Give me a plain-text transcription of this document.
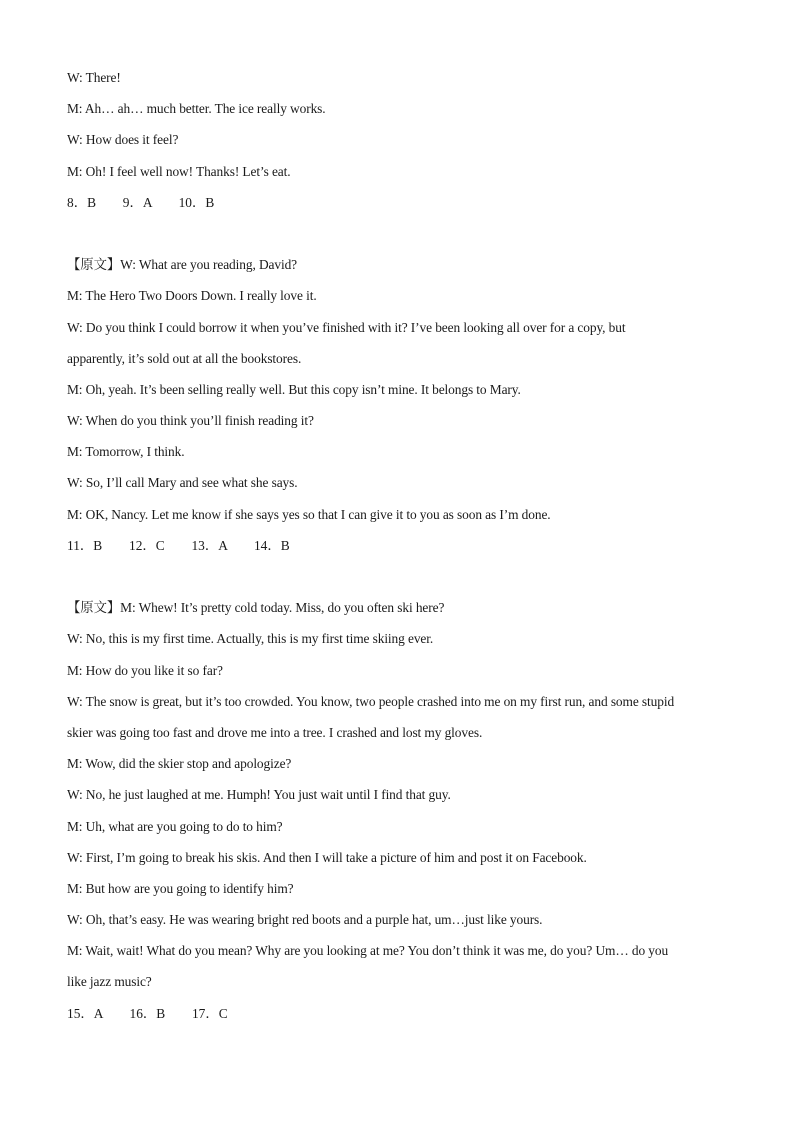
W: There!
M: Ah… ah… much better. The ice really works.
W: How does it feel?
M: Oh! I feel well now! Thanks! Let’s eat.
8．B        9．A        10．B
【原文】W: What are you reading, David?
M: The Hero Two Doors Down. I really love it.
W: Do you think I could borrow it when you’ve finished with it? I’ve been looking all over for a copy, but
apparently, it’s sold out at all the bookstores.
M: Oh, yeah. It’s been selling really well. But this copy isn’t mine. It belongs to Mary.
W: When do you think you’ll finish reading it?
M: Tomorrow, I think.
W: So, I’ll call Mary and see what she says.
M: OK, Nancy. Let me know if she says yes so that I can give it to you as soon as I’m done.
11．B        12．C        13．A        14．B
【原文】M: Whew! It’s pretty cold today. Miss, do you often ski here?
W: No, this is my first time. Actually, this is my first time skiing ever.
M: How do you like it so far?
W: The snow is great, but it’s too crowded. You know, two people crashed into me on my first run, and some stupid
skier was going too fast and drove me into a tree. I crashed and lost my gloves.
M: Wow, did the skier stop and apologize?
W: No, he just laughed at me. Humph! You just wait until I find that guy.
M: Uh, what are you going to do to him?
W: First, I’m going to break his skis. And then I will take a picture of him and post it on Facebook.
M: But how are you going to identify him?
W: Oh, that’s easy. He was wearing bright red boots and a purple hat, um…just like yours.
M: Wait, wait! What do you mean? Why are you looking at me? You don’t think it was me, do you? Um… do you
like jazz music?
15．A        16．B        17．C
